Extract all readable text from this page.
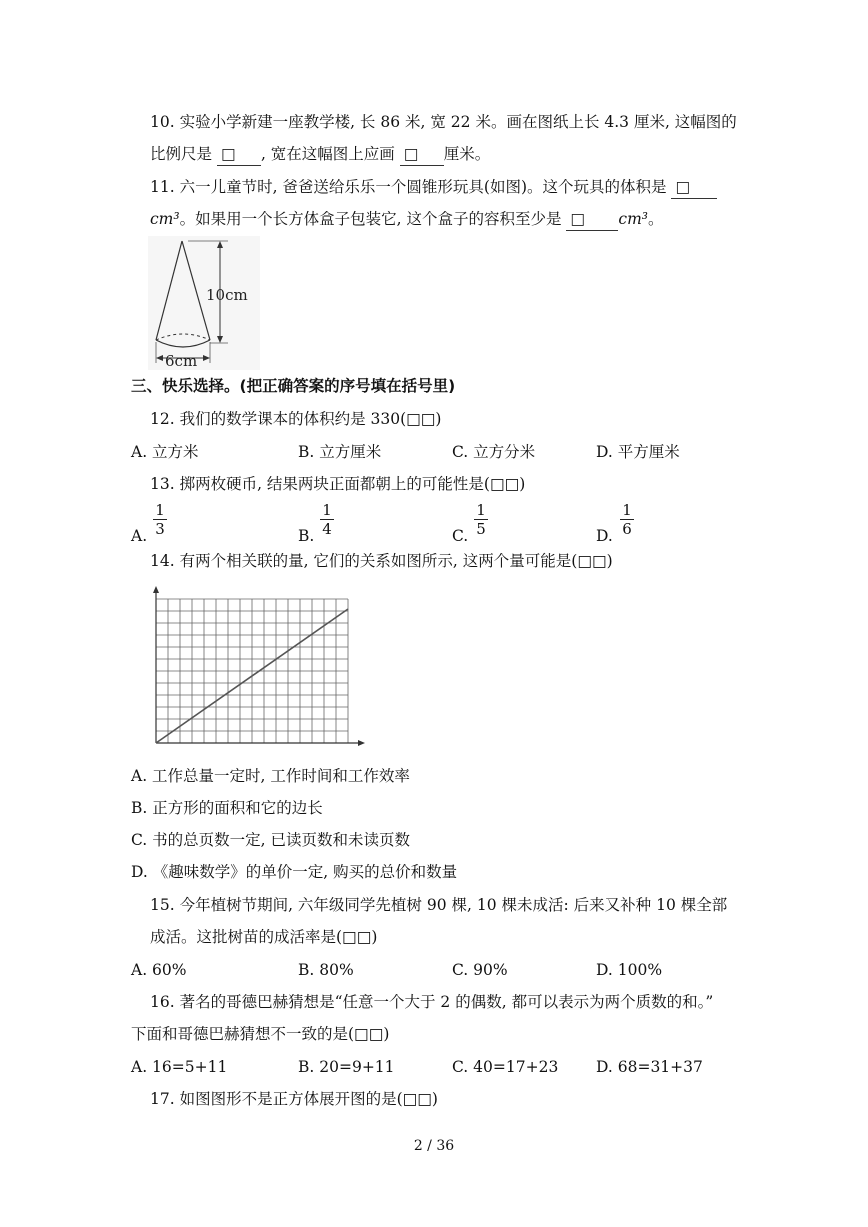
10. 实验小学新建一座教学楼, 长 86 米, 宽 22 米。画在图纸上长 4.3 厘米, 这幅图的
比例尺是 □ , 宽在这幅图上应画 □ 厘米。
11. 六一儿童节时, 爸爸送给乐乐一个圆锥形玩具(如图)。这个玩具的体积是 □
cm³。如果用一个长方体盒子包装它, 这个盒子的容积至少是 □ cm³。
10cm
6cm
三、快乐选择。(把正确答案的序号填在括号里)
12. 我们的数学课本的体积约是 330(□□)
A. 立方米	B. 立方厘米	C. 立方分米	D. 平方厘米
13. 掷两枚硬币, 结果两块正面都朝上的可能性是(□□)
A.
1
3	B.
1
4	C.
1
5	D.
1
6
14. 有两个相关联的量, 它们的关系如图所示, 这两个量可能是(□□)
A. 工作总量一定时, 工作时间和工作效率
B. 正方形的面积和它的边长
C. 书的总页数一定, 已读页数和未读页数
D. 《趣味数学》的单价一定, 购买的总价和数量
15. 今年植树节期间, 六年级同学先植树 90 棵, 10 棵未成活: 后来又补种 10 棵全部
成活。这批树苗的成活率是(□□)
A. 60%	B. 80%	C. 90%	D. 100%
16. 著名的哥德巴赫猜想是“任意一个大于 2 的偶数, 都可以表示为两个质数的和。”
下面和哥德巴赫猜想不一致的是(□□)
A. 16=5+11	B. 20=9+11	C. 40=17+23 D. 68=31+37
17. 如图图形不是正方体展开图的是(□□)
2 / 36
